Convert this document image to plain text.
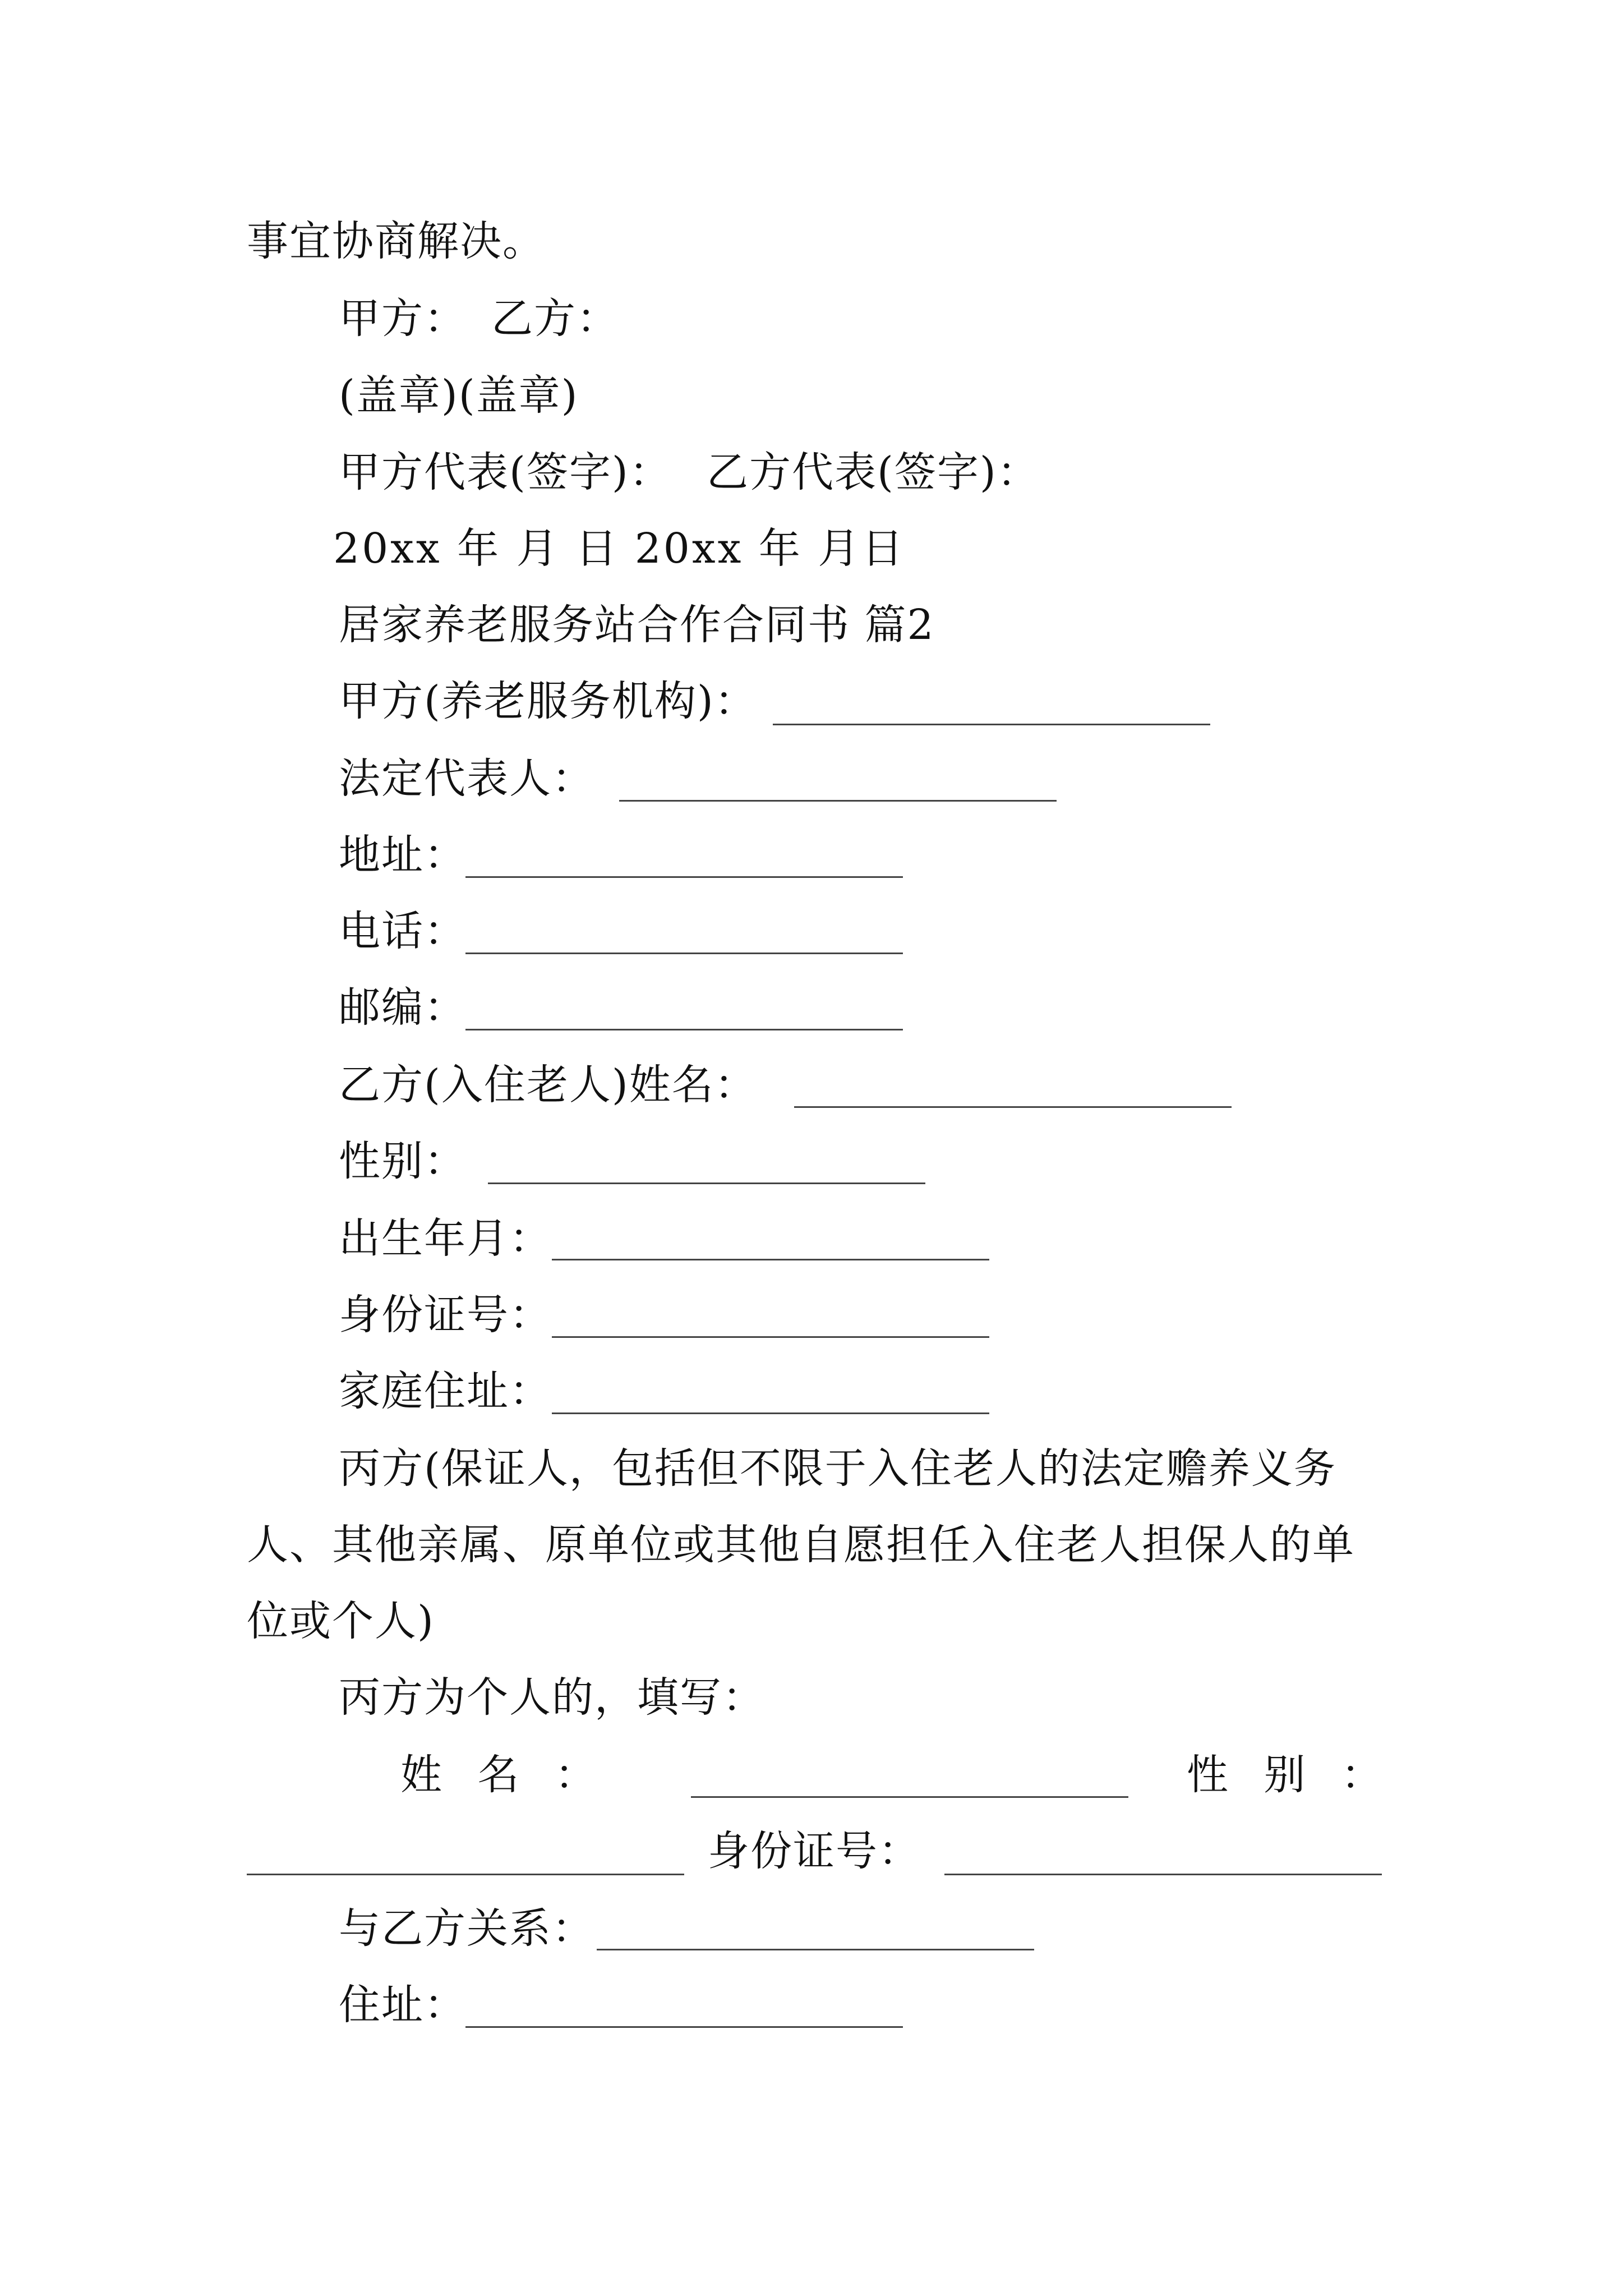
事宜协商解决。
甲方： 乙方：
(盖章)(盖章)
甲方代表(签字)： 乙方代表(签字)：
20xx 年 月 日 20xx 年 月日
居家养老服务站合作合同书 篇2
甲方(养老服务机构)：
法定代表人：
地址：
电话：
邮编：
乙方(入住老人)姓名：
性别：
出生年月：
身份证号：
家庭住址：
丙方(保证人，包括但不限于入住老人的法定赡养义务
人、其他亲属、原单位或其他自愿担任入住老人担保人的单
位或个人)
丙方为个人的，填写：
姓 名 ：	性 别 ：
身份证号：
与乙方关系：
住址：
